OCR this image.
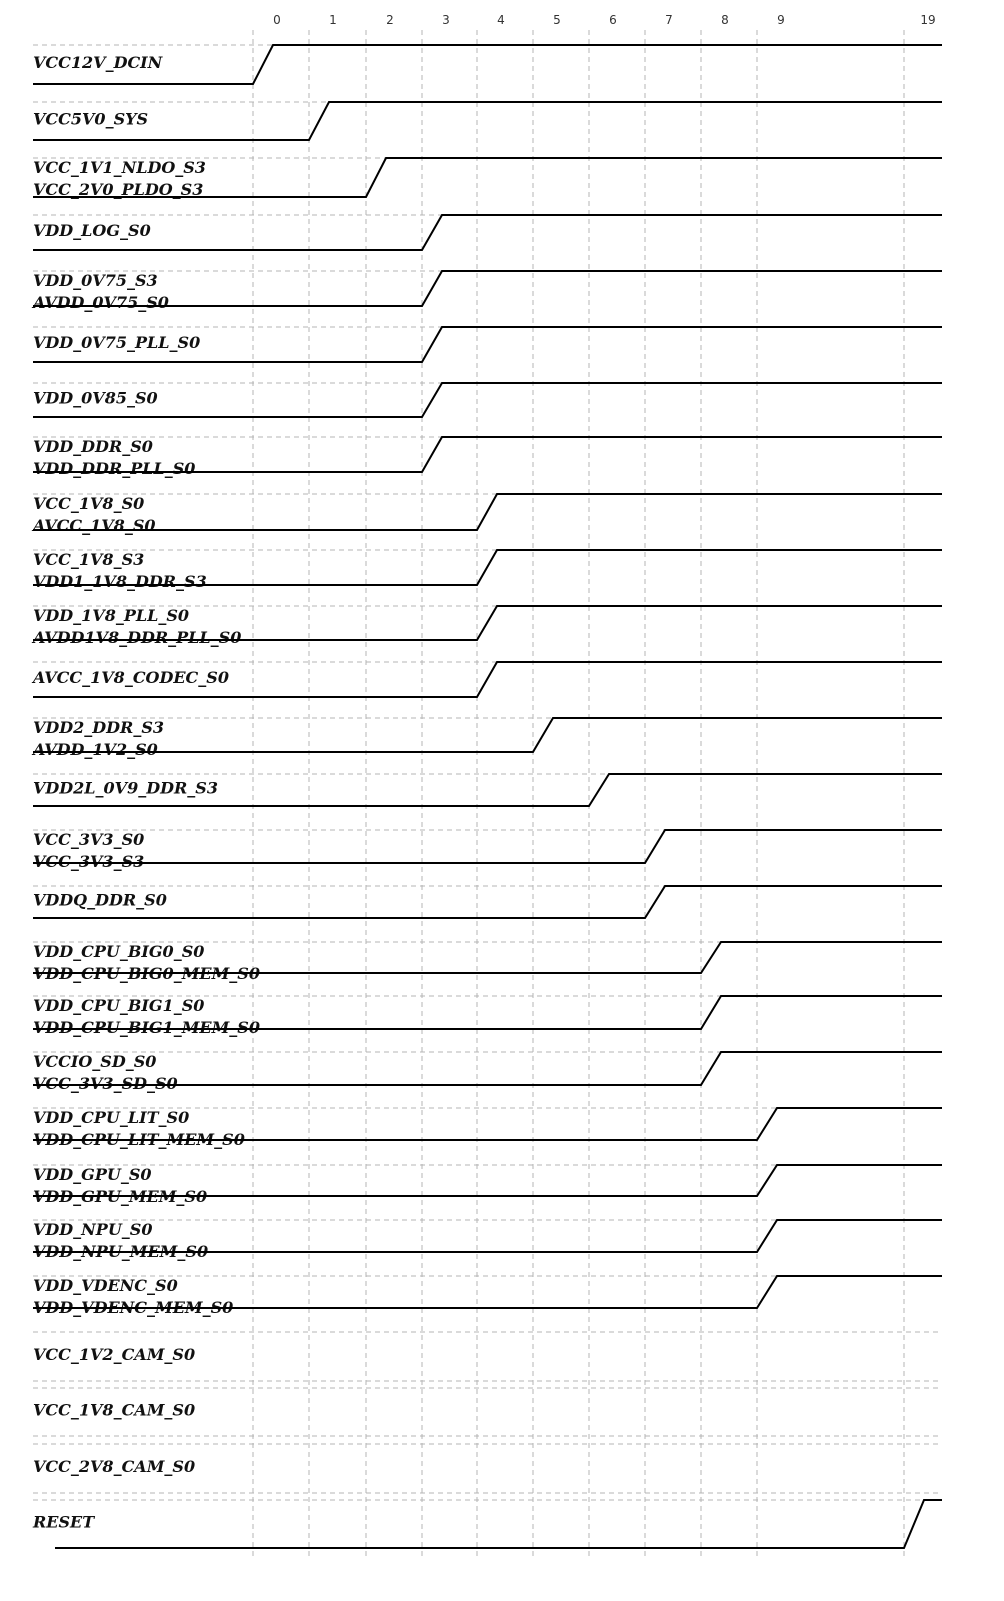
0	1	2	3	4	5	6	7	8	9	19
VCC12V_DCIN
VCC5V0_SYS
VCC_1V1_NLDO_S3
VCC_2V0_PLDO_S3
VDD_LOG_S0
VDD_0V75_S3
AVDD_0V75_S0
VDD_0V75_PLL_S0
VDD_0V85_S0
VDD_DDR_S0
VDD_DDR_PLL_S0
VCC_1V8_S0
AVCC_1V8_S0
VCC_1V8_S3
VDD1_1V8_DDR_S3
VDD_1V8_PLL_S0
AVDD1V8_DDR_PLL_S0
AVCC_1V8_CODEC_S0
VDD2_DDR_S3
AVDD_1V2_S0
VDD2L_0V9_DDR_S3
VCC_3V3_S0
VCC_3V3_S3
VDDQ_DDR_S0
VDD_CPU_BIG0_S0
VDD_CPU_BIG0_MEM_S0
VDD_CPU_BIG1_S0
VDD_CPU_BIG1_MEM_S0
VCCIO_SD_S0
VCC_3V3_SD_S0
VDD_CPU_LIT_S0
VDD_CPU_LIT_MEM_S0
VDD_GPU_S0
VDD_GPU_MEM_S0
VDD_NPU_S0
VDD_NPU_MEM_S0
VDD_VDENC_S0
VDD_VDENC_MEM_S0
VCC_1V2_CAM_S0
VCC_1V8_CAM_S0
VCC_2V8_CAM_S0
RESET
